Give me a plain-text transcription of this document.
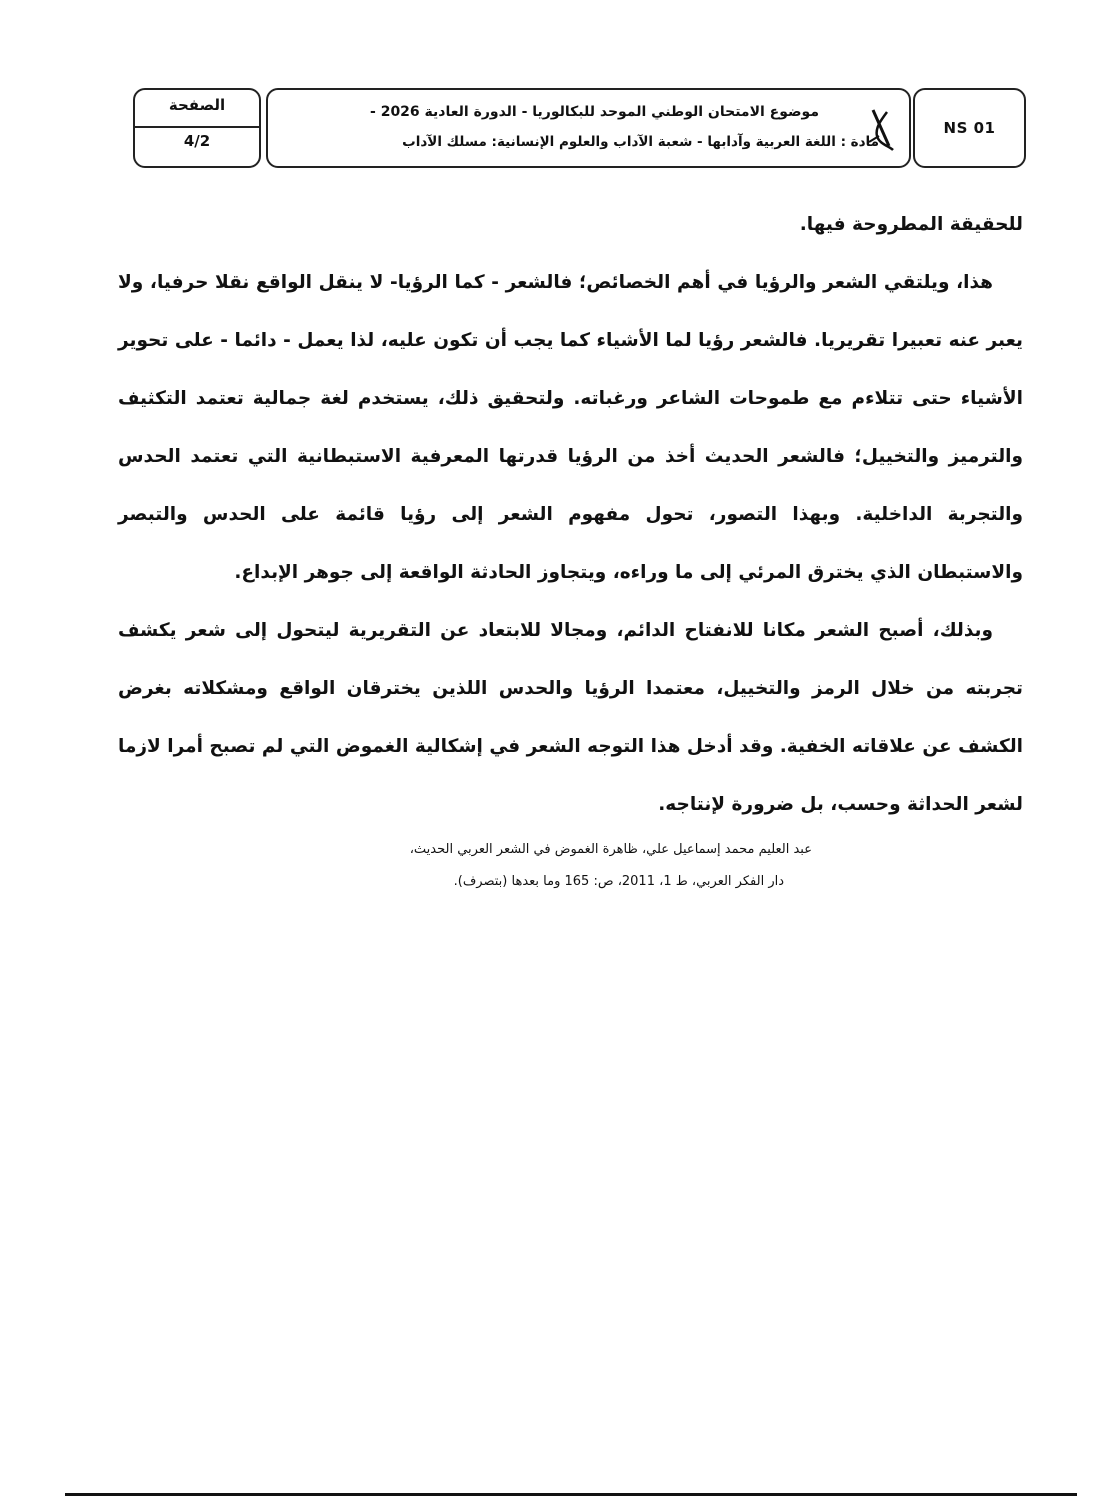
الصفحة
4/2
موضوع الامتحان الوطني الموحد للبكالوريا - الدورة العادية 2026 -
مادة : اللغة العربية وآدابها - شعبة الآداب والعلوم الإنسانية: مسلك الآداب
NS 01

للحقيقة المطروحة فيها.

هذا، ويلتقي الشعر والرؤيا في أهم الخصائص؛ فالشعر - كما الرؤيا- لا ينقل الواقع نقلا حرفيا، ولا يعبر عنه تعبيرا تقريريا. فالشعر رؤيا لما الأشياء كما يجب أن تكون عليه، لذا يعمل - دائما - على تحوير الأشياء حتى تتلاءم مع طموحات الشاعر ورغباته. ولتحقيق ذلك، يستخدم لغة جمالية تعتمد التكثيف والترميز والتخييل؛ فالشعر الحديث أخذ من الرؤيا قدرتها المعرفية الاستبطانية التي تعتمد الحدس والتجربة الداخلية. وبهذا التصور، تحول مفهوم الشعر إلى رؤيا قائمة على الحدس والتبصر والاستبطان الذي يخترق المرئي إلى ما وراءه، ويتجاوز الحادثة الواقعة إلى جوهر الإبداع.

وبذلك، أصبح الشعر مكانا للانفتاح الدائم، ومجالا للابتعاد عن التقريرية ليتحول إلى شعر يكشف تجربته من خلال الرمز والتخييل، معتمدا الرؤيا والحدس اللذين يخترقان الواقع ومشكلاته بغرض الكشف عن علاقاته الخفية. وقد أدخل هذا التوجه الشعر في إشكالية الغموض التي لم تصبح أمرا لازما لشعر الحداثة وحسب، بل ضرورة لإنتاجه.

عبد العليم محمد إسماعيل علي، ظاهرة الغموض في الشعر العربي الحديث،
دار الفكر العربي، ط 1، 2011، ص: 165 وما بعدها (بتصرف).
